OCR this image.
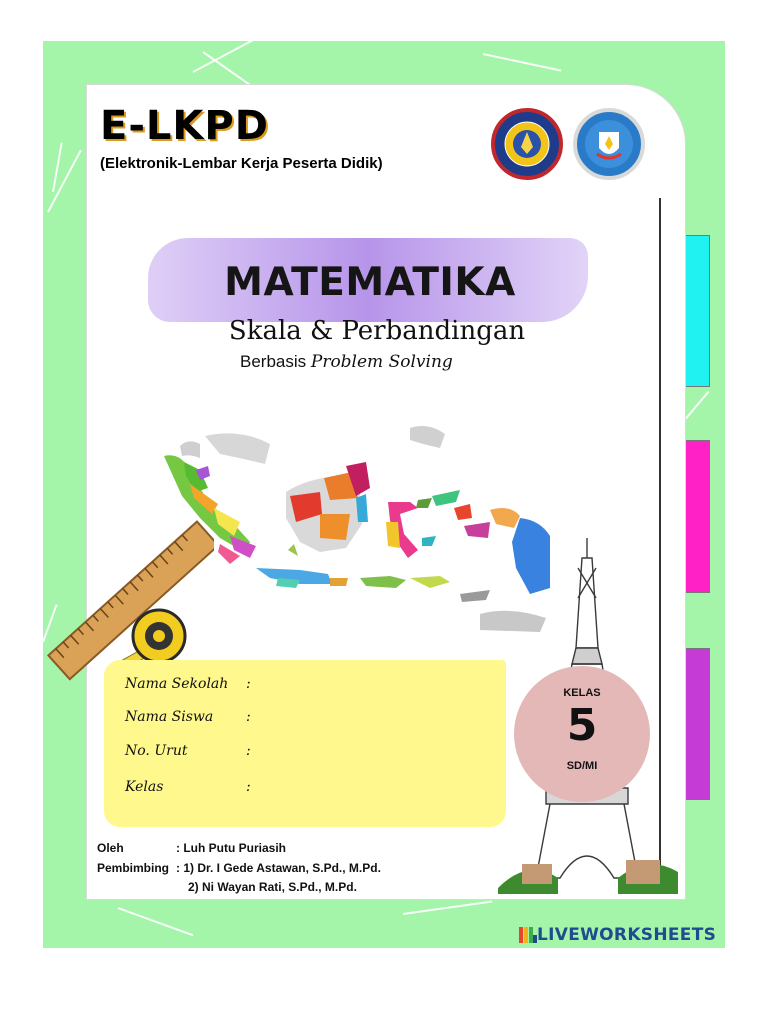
E-LKPD
(Elektronik-Lembar Kerja Peserta Didik)
MATEMATIKA
Skala & Perbandingan
Berbasis Problem Solving
Nama Sekolah :
Nama Siswa :
No. Urut	:
Kelas	:
KELAS
5
SD/MI
Oleh	: Luh Putu Puriasih
Pembimbing : 1) Dr. I Gede Astawan, S.Pd., M.Pd.
2) Ni Wayan Rati, S.Pd., M.Pd.
LIVEWORKSHEETS
